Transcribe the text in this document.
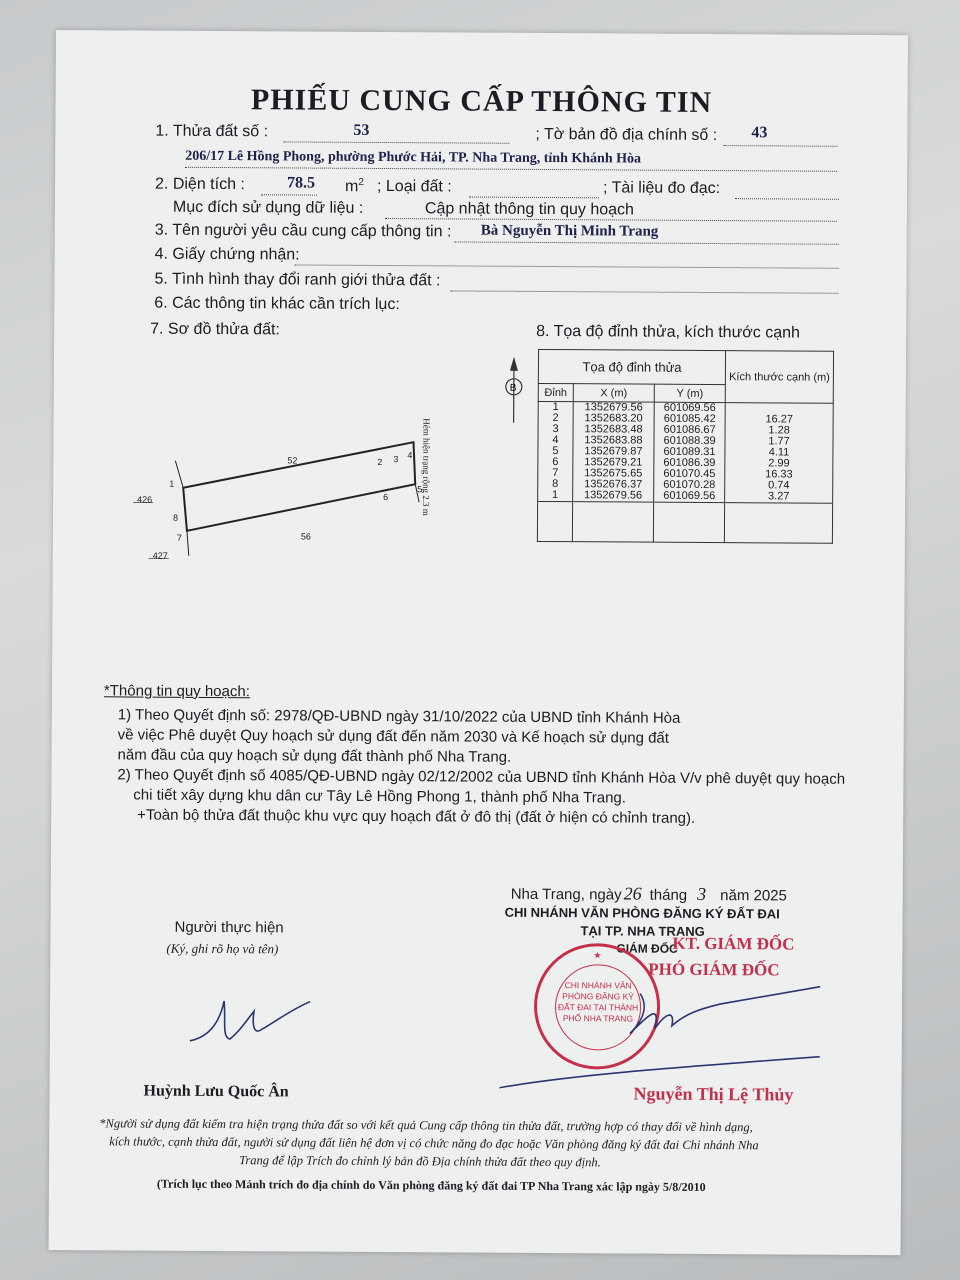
PHIẾU CUNG CẤP THÔNG TIN
1. Thửa đất số :	53	; Tờ bản đồ địa chính số : 43
206/17 Lê Hồng Phong, phường Phước Hải, TP. Nha Trang, tỉnh Khánh Hòa
2. Diện tích :	78.5 $m^2$ ; Loại đất :	; Tài liệu đo đạc:
Mục đích sử dụng dữ liệu :	Cập nhật thông tin quy hoạch
3. Tên người yêu cầu cung cấp thông tin : Bà Nguyễn Thị Minh Trang
4. Giấy chứng nhận:
5. Tình hình thay đổi ranh giới thửa đất :
6. Các thông tin khác cần trích lục:
7. Sơ đồ thửa đất:	8. Tọa độ đỉnh thửa, kích thước cạnh
B
1
2 3 4
5
6
7
8
52
426
56
427
Hẻm hiện trạng rộng 2.3 m
Tọa độ đỉnh thửa			Kích thước cạnh (m)
Đỉnh	X (m)	Y (m)	
1	1352679.56	601069.56	
2	1352683.20	601085.42	16.27
3	1352683.48	601086.67	1.28
4	1352683.88	601088.39	1.77
5	1352679.87	601089.31	4.11
6	1352679.21	601086.39	2.99
7	1352675.65	601070.45	16.33
8	1352676.37	601070.28	0.74
1	1352679.56	601069.56	3.27

*Thông tin quy hoạch:
1) Theo Quyết định số: 2978/QĐ-UBND ngày 31/10/2022 của UBND tỉnh Khánh Hòa
về việc Phê duyệt Quy hoạch sử dụng đất đến năm 2030 và Kế hoạch sử dụng đất
năm đầu của quy hoạch sử dụng đất thành phố Nha Trang.
2) Theo Quyết định số 4085/QĐ-UBND ngày 02/12/2002 của UBND tỉnh Khánh Hòa V/v phê duyệt quy hoạch
chi tiết xây dựng khu dân cư Tây Lê Hồng Phong 1, thành phố Nha Trang.
+Toàn bộ thửa đất thuộc khu vực quy hoạch đất ở đô thị (đất ở hiện có chỉnh trang).
Nha Trang, ngày 26 tháng 3 năm 2025
CHI NHÁNH VĂN PHÒNG ĐĂNG KÝ ĐẤT ĐAI
TẠI TP. NHA TRANG
GIÁM ĐỐC
KT. GIÁM ĐỐC
PHÓ GIÁM ĐỐC
CHI NHÁNH VĂN PHÒNG ĐĂNG KÝ ĐẤT ĐAI TẠI THÀNH PHỐ NHA TRANG
★
Người thực hiện
(Ký, ghi rõ họ và tên)
Huỳnh Lưu Quốc Ân	Nguyễn Thị Lệ Thủy
*Người sử dụng đất kiểm tra hiện trạng thửa đất so với kết quả Cung cấp thông tin thửa đất, trường hợp có thay đổi về hình dạng,
kích thước, cạnh thửa đất, người sử dụng đất liên hệ đơn vị có chức năng đo đạc hoặc Văn phòng đăng ký đất đai Chi nhánh Nha
Trang để lập Trích đo chỉnh lý bản đồ Địa chính thửa đất theo quy định.
(Trích lục theo Mảnh trích đo địa chính do Văn phòng đăng ký đất đai TP Nha Trang xác lập ngày 5/8/2010
